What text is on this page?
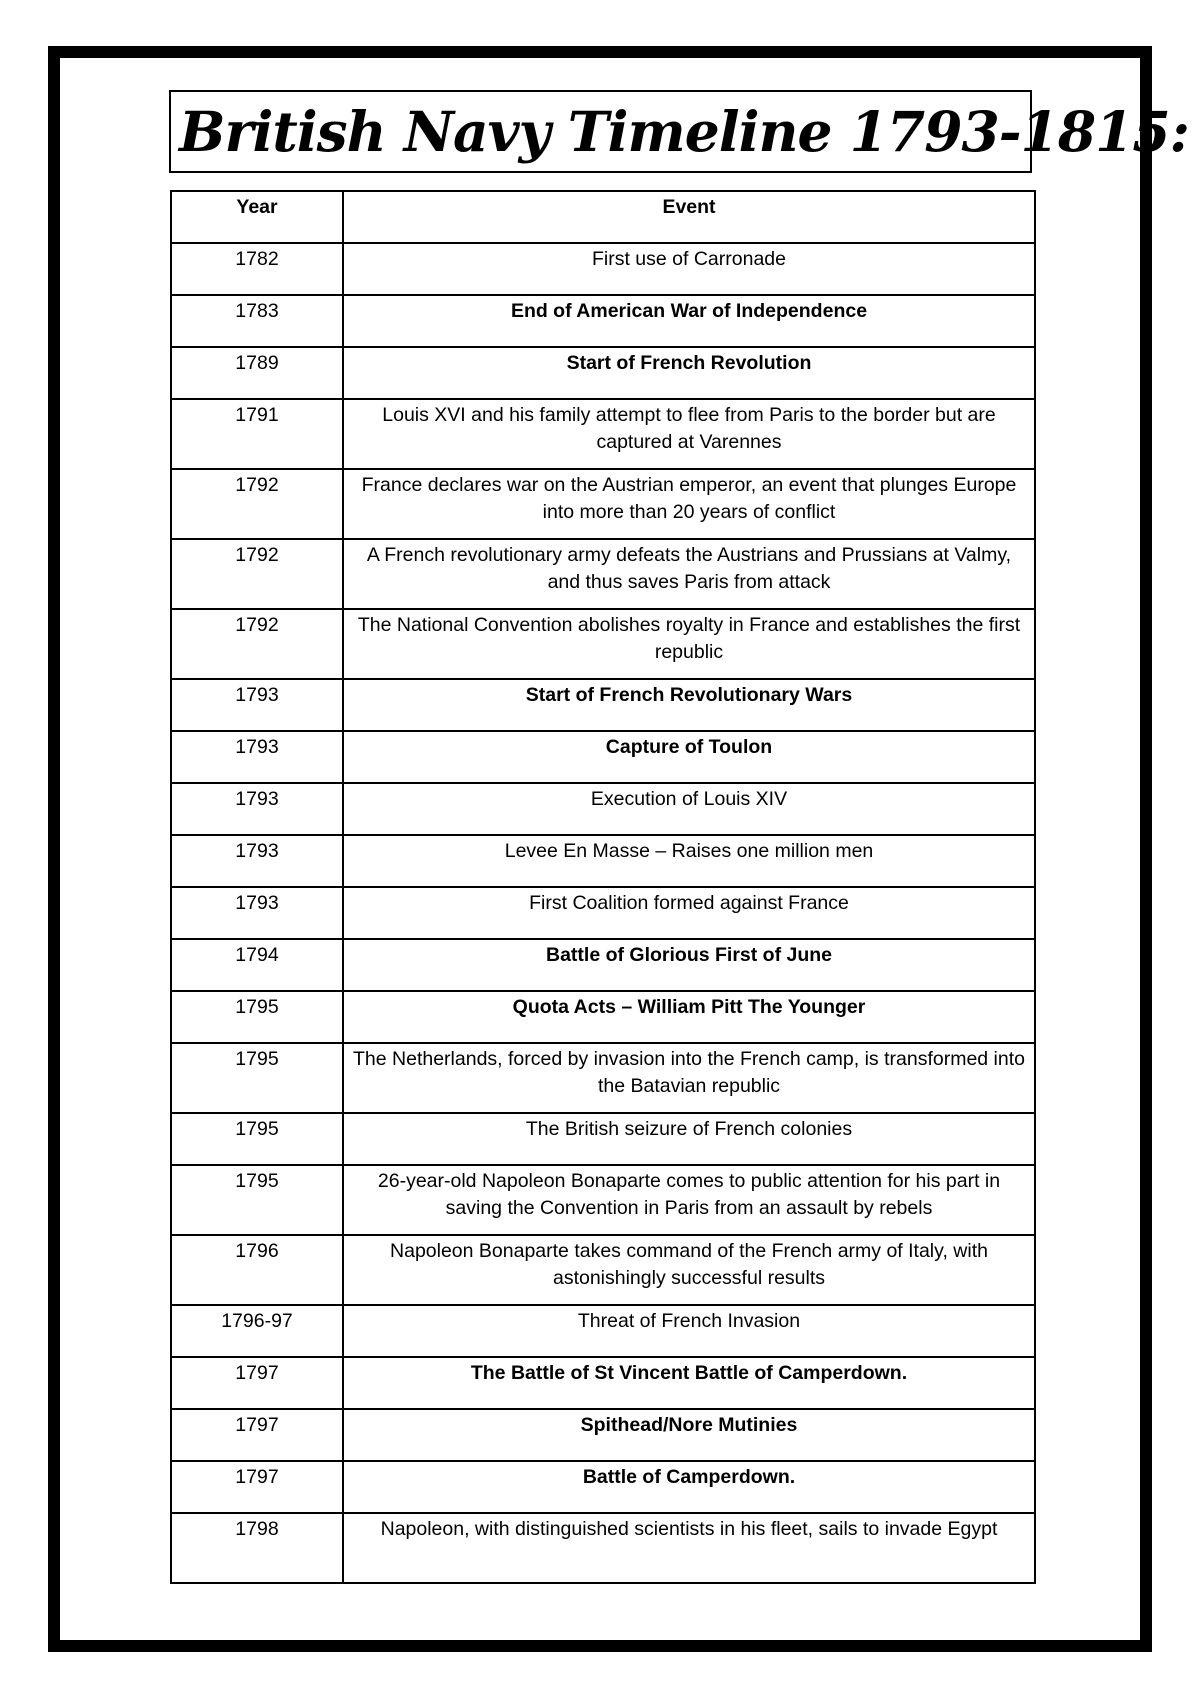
British Navy Timeline 1793-1815:
Year	Event
1782	First use of Carronade
1783	End of American War of Independence
1789	Start of French Revolution
1791	Louis XVI and his family attempt to flee from Paris to the border but are captured at Varennes
1792	France declares war on the Austrian emperor, an event that plunges Europe into more than 20 years of conflict
1792	A French revolutionary army defeats the Austrians and Prussians at Valmy, and thus saves Paris from attack
1792	The National Convention abolishes royalty in France and establishes the first republic
1793	Start of French Revolutionary Wars
1793	Capture of Toulon
1793	Execution of Louis XIV
1793	Levee En Masse – Raises one million men
1793	First Coalition formed against France
1794	Battle of Glorious First of June
1795	Quota Acts – William Pitt The Younger
1795	The Netherlands, forced by invasion into the French camp, is transformed into the Batavian republic
1795	The British seizure of French colonies
1795	26-year-old Napoleon Bonaparte comes to public attention for his part in saving the Convention in Paris from an assault by rebels
1796	Napoleon Bonaparte takes command of the French army of Italy, with astonishingly successful results
1796-97	Threat of French Invasion
1797	The Battle of St Vincent Battle of Camperdown.
1797	Spithead/Nore Mutinies
1797	Battle of Camperdown.
1798	Napoleon, with distinguished scientists in his fleet, sails to invade Egypt
